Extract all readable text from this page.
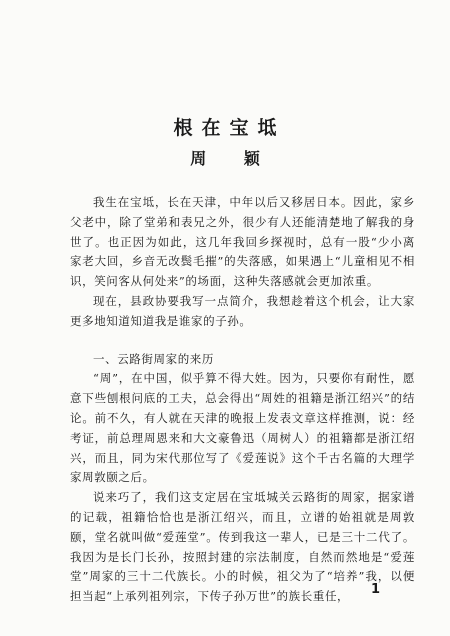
根在宝坻
周 颖

我生在宝坻，长在天津，中年以后又移居日本。因此，家乡父老中，除了堂弟和表兄之外，很少有人还能清楚地了解我的身世了。也正因为如此，这几年我回乡探视时，总有一股“少小离家老大回，乡音无改鬓毛摧”的失落感，如果遇上“儿童相见不相识，笑问客从何处来”的场面，这种失落感就会更加浓重。

现在，县政协要我写一点简介，我想趁着这个机会，让大家更多地知道知道我是谁家的子孙。

一、云路街周家的来历

“周”，在中国，似乎算不得大姓。因为，只要你有耐性，愿意下些刨根问底的工夫，总会得出“周姓的祖籍是浙江绍兴”的结论。前不久，有人就在天津的晚报上发表文章这样推测，说：经考证，前总理周恩来和大文豪鲁迅（周树人）的祖籍都是浙江绍兴，而且，同为宋代那位写了《爱莲说》这个千古名篇的大理学家周敦颐之后。

说来巧了，我们这支定居在宝坻城关云路街的周家，据家谱的记载，祖籍恰恰也是浙江绍兴，而且，立谱的始祖就是周敦颐，堂名就叫做“爱莲堂”。传到我这一辈人，已是三十二代了。我因为是长门长孙，按照封建的宗法制度，自然而然地是“爱莲堂”周家的三十二代族长。小的时候，祖父为了“培养”我，以便担当起“上承列祖列宗，下传子孙万世”的族长重任，	1
